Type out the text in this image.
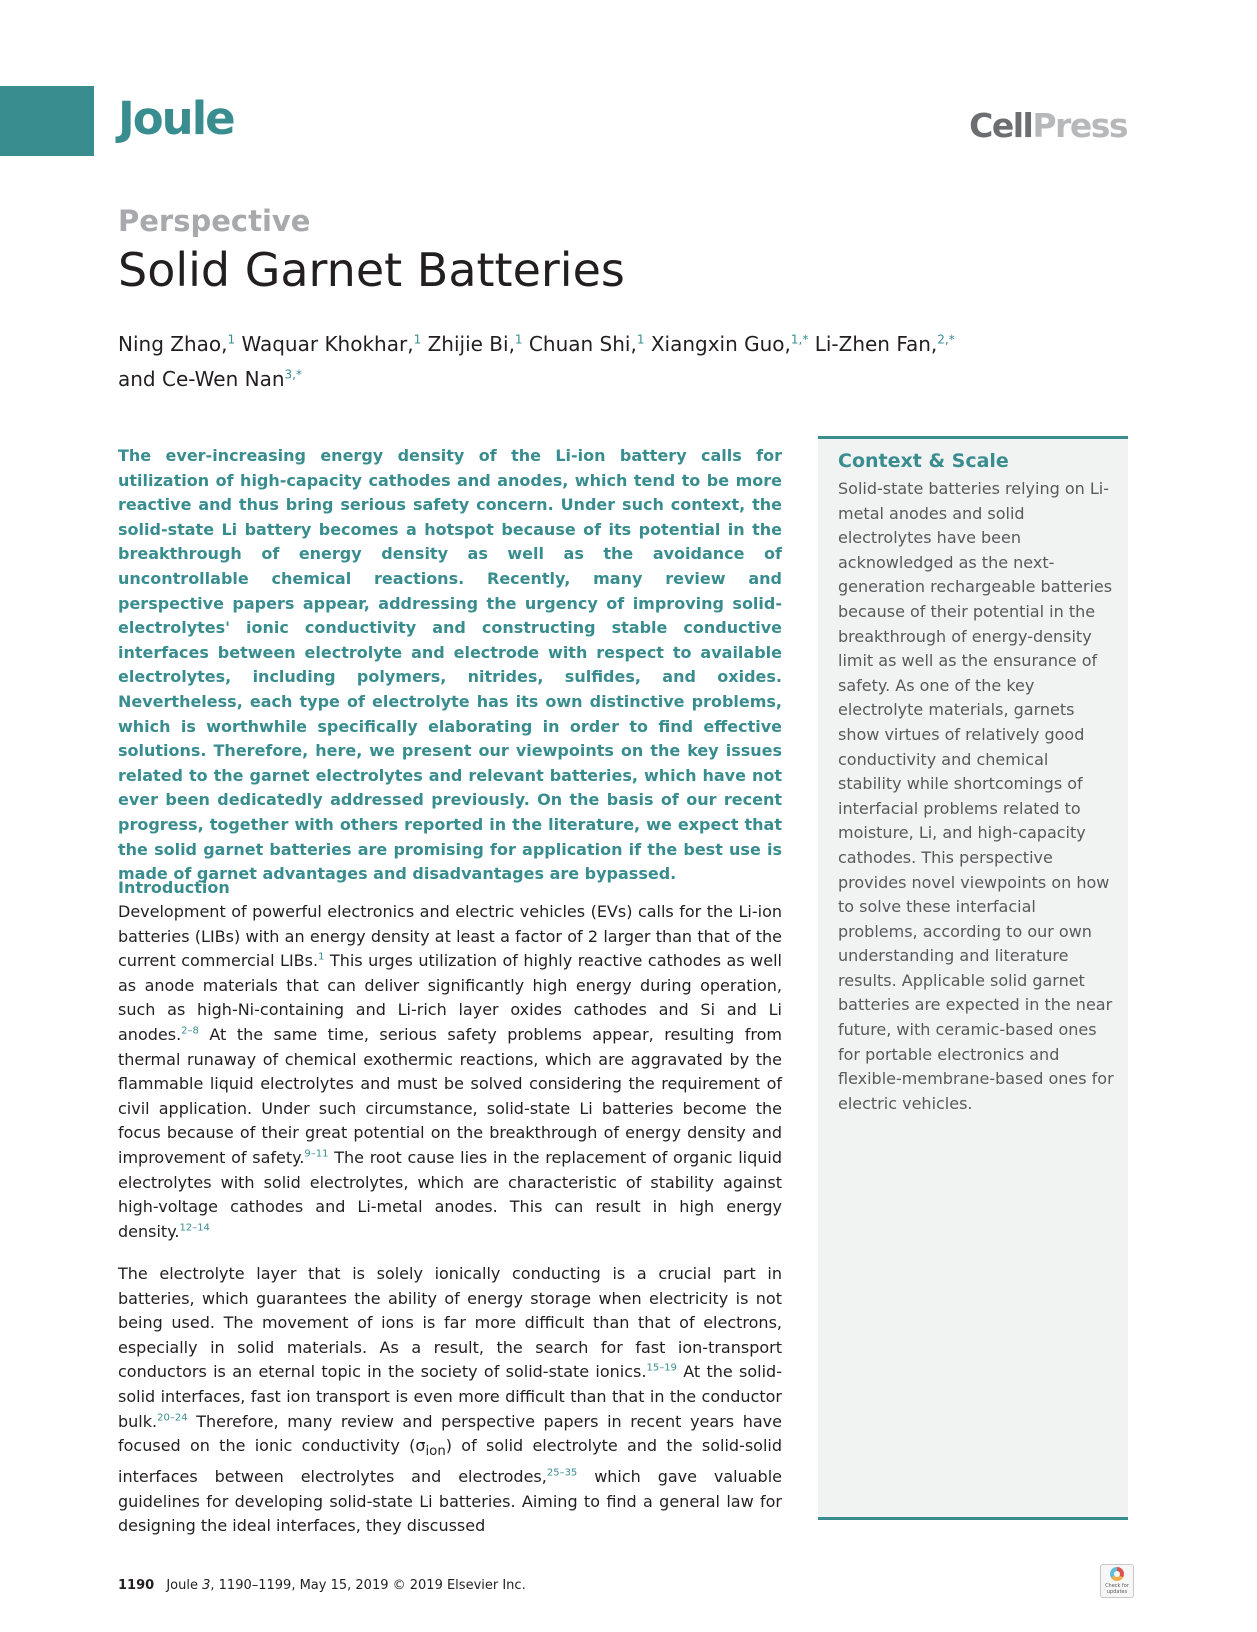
Joule	CellPress
Perspective
Solid Garnet Batteries
Ning Zhao,$^1$ Waquar Khokhar,$^1$ Zhijie Bi,$^1$ Chuan Shi,$^1$ Xiangxin Guo,$^{1,*}$ Li-Zhen Fan,$^{2,*}$
and Ce-Wen Nan$^{3,*}$

The ever-increasing energy density of the Li-ion battery calls for utilization of high-capacity cathodes and anodes, which tend to be more reactive and thus bring serious safety concern. Under such context, the solid-state Li battery becomes a hotspot because of its potential in the breakthrough of energy density as well as the avoidance of uncontrollable chemical reactions. Recently, many review and perspective papers appear, addressing the urgency of improving solid-electrolytes' ionic conductivity and constructing stable conductive interfaces between electrolyte and electrode with respect to available electrolytes, including polymers, nitrides, sulfides, and oxides. Nevertheless, each type of electrolyte has its own distinctive problems, which is worthwhile specifically elaborating in order to find effective solutions. Therefore, here, we present our viewpoints on the key issues related to the garnet electrolytes and relevant batteries, which have not ever been dedicatedly addressed previously. On the basis of our recent progress, together with others reported in the literature, we expect that the solid garnet batteries are promising for application if the best use is made of garnet advantages and disadvantages are bypassed.

Introduction

Development of powerful electronics and electric vehicles (EVs) calls for the Li-ion batteries (LIBs) with an energy density at least a factor of 2 larger than that of the current commercial LIBs.$^1$ This urges utilization of highly reactive cathodes as well as anode materials that can deliver significantly high energy during operation, such as high-Ni-containing and Li-rich layer oxides cathodes and Si and Li anodes.$^{2-8}$ At the same time, serious safety problems appear, resulting from thermal runaway of chemical exothermic reactions, which are aggravated by the flammable liquid electrolytes and must be solved considering the requirement of civil application. Under such circumstance, solid-state Li batteries become the focus because of their great potential on the breakthrough of energy density and improvement of safety.$^{9-11}$ The root cause lies in the replacement of organic liquid electrolytes with solid electrolytes, which are characteristic of stability against high-voltage cathodes and Li-metal anodes. This can result in high energy density.$^{12-14}$

The electrolyte layer that is solely ionically conducting is a crucial part in batteries, which guarantees the ability of energy storage when electricity is not being used. The movement of ions is far more difficult than that of electrons, especially in solid materials. As a result, the search for fast ion-transport conductors is an eternal topic in the society of solid-state ionics.$^{15-19}$ At the solid-solid interfaces, fast ion transport is even more difficult than that in the conductor bulk.$^{20-24}$ Therefore, many review and perspective papers in recent years have focused on the ionic conductivity $(\sigma_{ion})$ of solid electrolyte and the solid-solid interfaces between electrolytes and electrodes,$^{25-35}$ which gave valuable guidelines for developing solid-state Li batteries. Aiming to find a general law for designing the ideal interfaces, they discussed

Context & Scale

Solid-state batteries relying on Li-metal anodes and solid electrolytes have been acknowledged as the next-generation rechargeable batteries because of their potential in the breakthrough of energy-density limit as well as the ensurance of safety. As one of the key electrolyte materials, garnets show virtues of relatively good conductivity and chemical stability while shortcomings of interfacial problems related to moisture, Li, and high-capacity cathodes. This perspective provides novel viewpoints on how to solve these interfacial problems, according to our own understanding and literature results. Applicable solid garnet batteries are expected in the near future, with ceramic-based ones for portable electronics and flexible-membrane-based ones for electric vehicles.

1190 Joule 3, 1190–1199, May 15, 2019 © 2019 Elsevier Inc.	Check for updates
